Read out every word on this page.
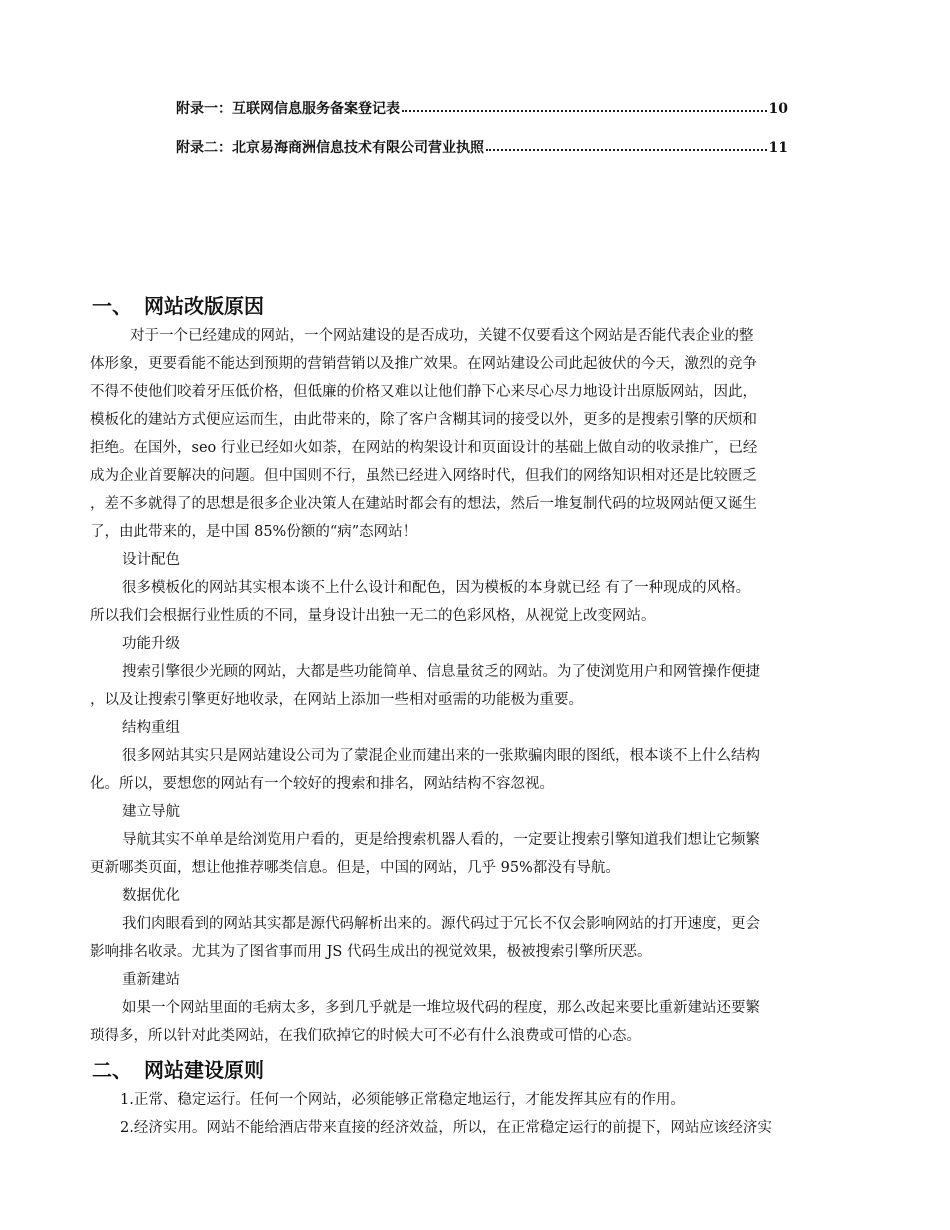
附录一：互联网信息服务备案登记表	10
附录二：北京易海商洲信息技术有限公司营业执照	11
一、 网站改版原因
对于一个已经建成的网站，一个网站建设的是否成功，关键不仅要看这个网站是否能代表企业的整
体形象，更要看能不能达到预期的营销营销以及推广效果。在网站建设公司此起彼伏的今天，激烈的竞争
不得不使他们咬着牙压低价格，但低廉的价格又难以让他们静下心来尽心尽力地设计出原版网站，因此，
模板化的建站方式便应运而生，由此带来的，除了客户含糊其词的接受以外，更多的是搜索引擎的厌烦和
拒绝。在国外，seo 行业已经如火如荼，在网站的构架设计和页面设计的基础上做自动的收录推广，已经
成为企业首要解决的问题。但中国则不行，虽然已经进入网络时代，但我们的网络知识相对还是比较匮乏
，差不多就得了的思想是很多企业决策人在建站时都会有的想法，然后一堆复制代码的垃圾网站便又诞生
了，由此带来的，是中国 85%份额的“病”态网站！
设计配色
很多模板化的网站其实根本谈不上什么设计和配色，因为模板的本身就已经 有了一种现成的风格。
所以我们会根据行业性质的不同，量身设计出独一无二的色彩风格，从视觉上改变网站。
功能升级
搜索引擎很少光顾的网站，大都是些功能简单、信息量贫乏的网站。为了使浏览用户和网管操作便捷
，以及让搜索引擎更好地收录，在网站上添加一些相对亟需的功能极为重要。
结构重组
很多网站其实只是网站建设公司为了蒙混企业而建出来的一张欺骗肉眼的图纸，根本谈不上什么结构
化。所以，要想您的网站有一个较好的搜索和排名，网站结构不容忽视。
建立导航
导航其实不单单是给浏览用户看的，更是给搜索机器人看的，一定要让搜索引擎知道我们想让它频繁
更新哪类页面，想让他推荐哪类信息。但是，中国的网站，几乎 95%都没有导航。
数据优化
我们肉眼看到的网站其实都是源代码解析出来的。源代码过于冗长不仅会影响网站的打开速度，更会
影响排名收录。尤其为了图省事而用 JS 代码生成出的视觉效果，极被搜索引擎所厌恶。
重新建站
如果一个网站里面的毛病太多，多到几乎就是一堆垃圾代码的程度，那么改起来要比重新建站还要繁
琐得多，所以针对此类网站，在我们砍掉它的时候大可不必有什么浪费或可惜的心态。
二、 网站建设原则
1.正常、稳定运行。任何一个网站，必须能够正常稳定地运行，才能发挥其应有的作用。
2.经济实用。网站不能给酒店带来直接的经济效益，所以，在正常稳定运行的前提下，网站应该经济实
